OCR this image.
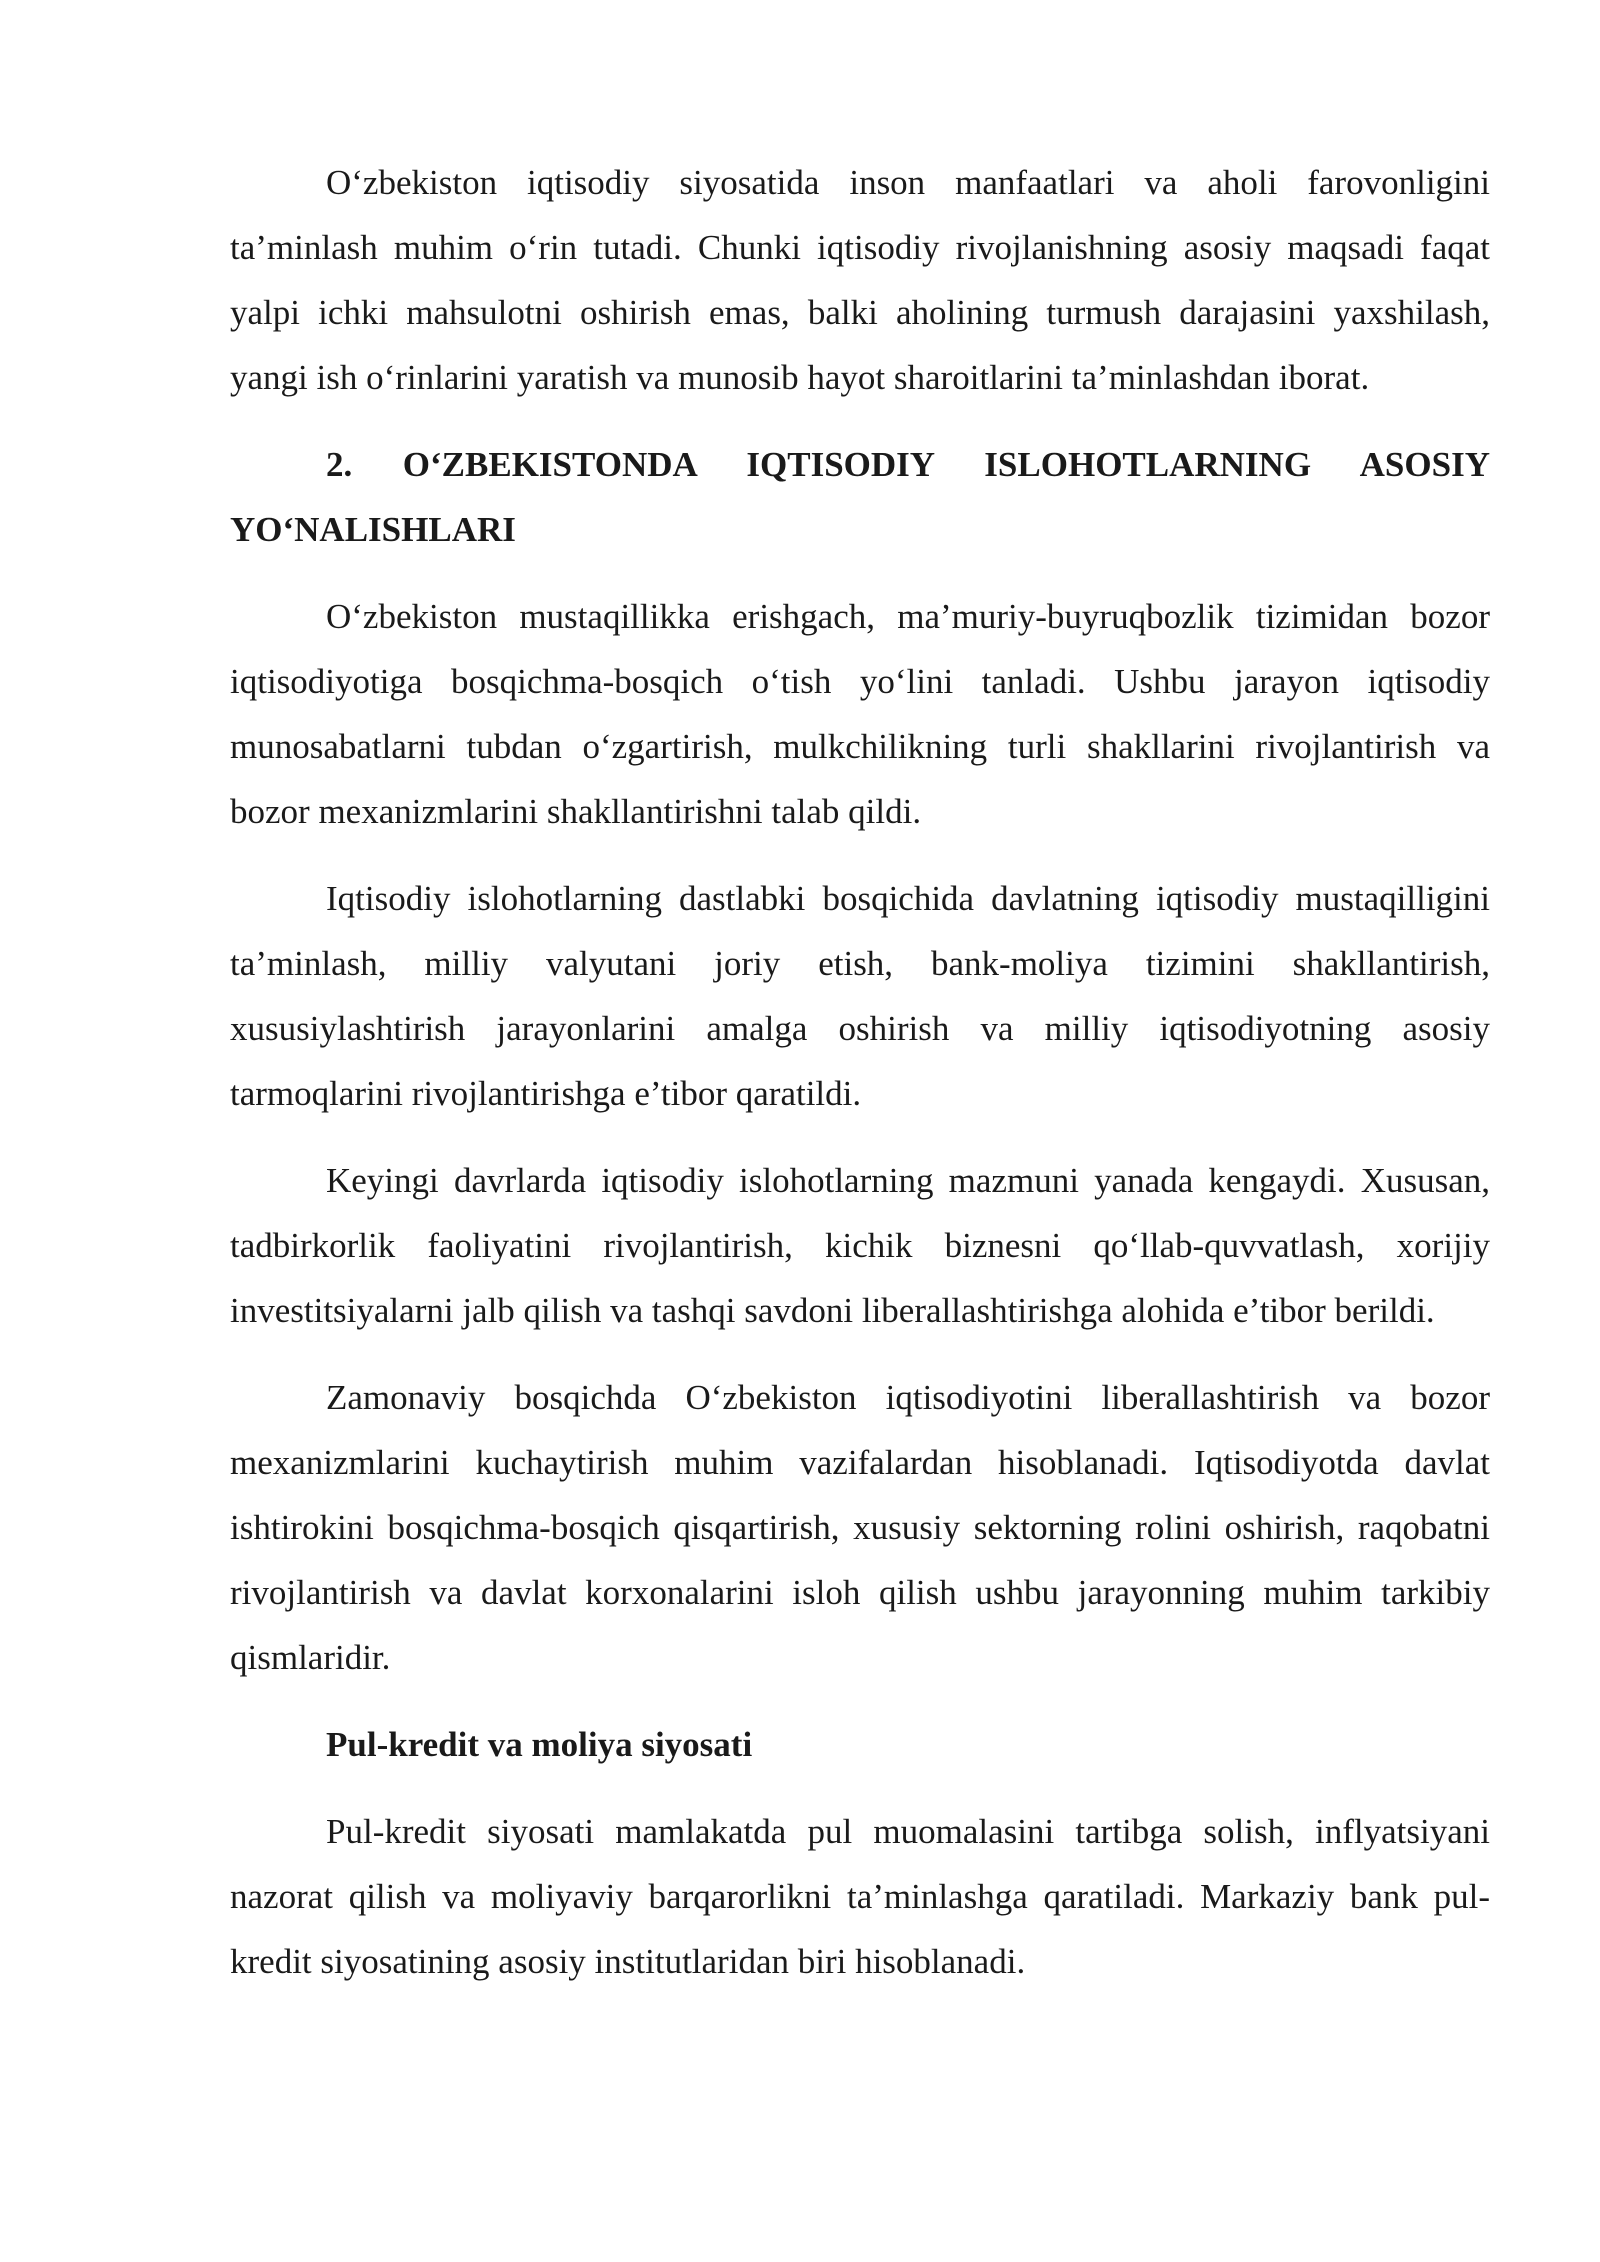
O‘zbekiston iqtisodiy siyosatida inson manfaatlari va aholi farovonligini ta’minlash muhim o‘rin tutadi. Chunki iqtisodiy rivojlanishning asosiy maqsadi faqat yalpi ichki mahsulotni oshirish emas, balki aholining turmush darajasini yaxshilash, yangi ish o‘rinlarini yaratish va munosib hayot sharoitlarini ta’minlashdan iborat.

2. O‘ZBEKISTONDA IQTISODIY ISLOHOTLARNING ASOSIY YO‘NALISHLARI

O‘zbekiston mustaqillikka erishgach, ma’muriy-buyruqbozlik tizimidan bozor iqtisodiyotiga bosqichma-bosqich o‘tish yo‘lini tanladi. Ushbu jarayon iqtisodiy munosabatlarni tubdan o‘zgartirish, mulkchilikning turli shakllarini rivojlantirish va bozor mexanizmlarini shakllantirishni talab qildi.

Iqtisodiy islohotlarning dastlabki bosqichida davlatning iqtisodiy mustaqilligini ta’minlash, milliy valyutani joriy etish, bank-moliya tizimini shakllantirish, xususiylashtirish jarayonlarini amalga oshirish va milliy iqtisodiyotning asosiy tarmoqlarini rivojlantirishga e’tibor qaratildi.

Keyingi davrlarda iqtisodiy islohotlarning mazmuni yanada kengaydi. Xususan, tadbirkorlik faoliyatini rivojlantirish, kichik biznesni qo‘llab-quvvatlash, xorijiy investitsiyalarni jalb qilish va tashqi savdoni liberallashtirishga alohida e’tibor berildi.

Zamonaviy bosqichda O‘zbekiston iqtisodiyotini liberallashtirish va bozor mexanizmlarini kuchaytirish muhim vazifalardan hisoblanadi. Iqtisodiyotda davlat ishtirokini bosqichma-bosqich qisqartirish, xususiy sektorning rolini oshirish, raqobatni rivojlantirish va davlat korxonalarini isloh qilish ushbu jarayonning muhim tarkibiy qismlaridir.

Pul-kredit va moliya siyosati

Pul-kredit siyosati mamlakatda pul muomalasini tartibga solish, inflyatsiyani nazorat qilish va moliyaviy barqarorlikni ta’minlashga qaratiladi. Markaziy bank pul-kredit siyosatining asosiy institutlaridan biri hisoblanadi.
